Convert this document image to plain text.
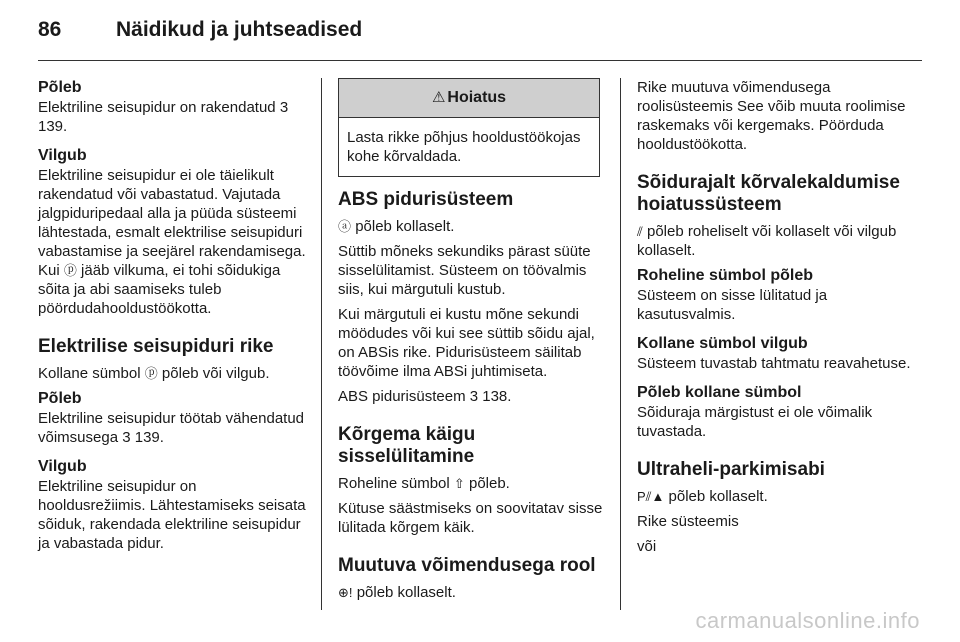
86	Näidikud ja juhtseadised
Põleb
Elektriline seisupidur on rakendatud 3 139.
Vilgub
Elektriline seisupidur ei ole täielikult rakendatud või vabastatud. Vajutada jalgpiduripedaal alla ja püüda süsteemi lähtestada, esmalt elektrilise seisupiduri vabastamise ja seejärel rakendamisega. Kui ⓟ jääb vilkuma, ei tohi sõidukiga sõita ja abi saamiseks tuleb pöördudahooldustöökotta.
Elektrilise seisupiduri rike

Kollane sümbol ⓟ põleb või vilgub.

Põleb
Elektriline seisupidur töötab vähendatud võimsusega 3 139.
Vilgub
Elektriline seisupidur on hooldusrežiimis. Lähtestamiseks seisata sõiduk, rakendada elektriline seisupidur ja vabastada pidur.
⚠ Hoiatus
Lasta rikke põhjus hooldustöökojas kohe kõrvaldada.
ABS pidurisüsteem

ⓐ põleb kollaselt.

Süttib mõneks sekundiks pärast süüte sisselülitamist. Süsteem on töövalmis siis, kui märgutuli kustub.

Kui märgutuli ei kustu mõne sekundi möödudes või kui see süttib sõidu ajal, on ABSis rike. Pidurisüsteem säilitab töövõime ilma ABSi juhtimiseta.

ABS pidurisüsteem 3 138.

Kõrgema käigu sisselülitamine

Roheline sümbol ⇧ põleb.

Kütuse säästmiseks on soovitatav sisse lülitada kõrgem käik.

Muutuva võimendusega rool

⊕! põleb kollaselt.

Rike muutuva võimendusega roolisüsteemis See võib muuta roolimise raskemaks või kergemaks. Pöörduda hooldustöökotta.

Sõidurajalt kõrvalekaldumise hoiatussüsteem

⫽ põleb roheliselt või kollaselt või vilgub kollaselt.

Roheline sümbol põleb
Süsteem on sisse lülitatud ja kasutusvalmis.
Kollane sümbol vilgub
Süsteem tuvastab tahtmatu reavahetuse.
Põleb kollane sümbol
Sõiduraja märgistust ei ole võimalik tuvastada.
Ultraheli-parkimisabi

P⫽▲ põleb kollaselt.

Rike süsteemis

või

carmanualsonline.info
